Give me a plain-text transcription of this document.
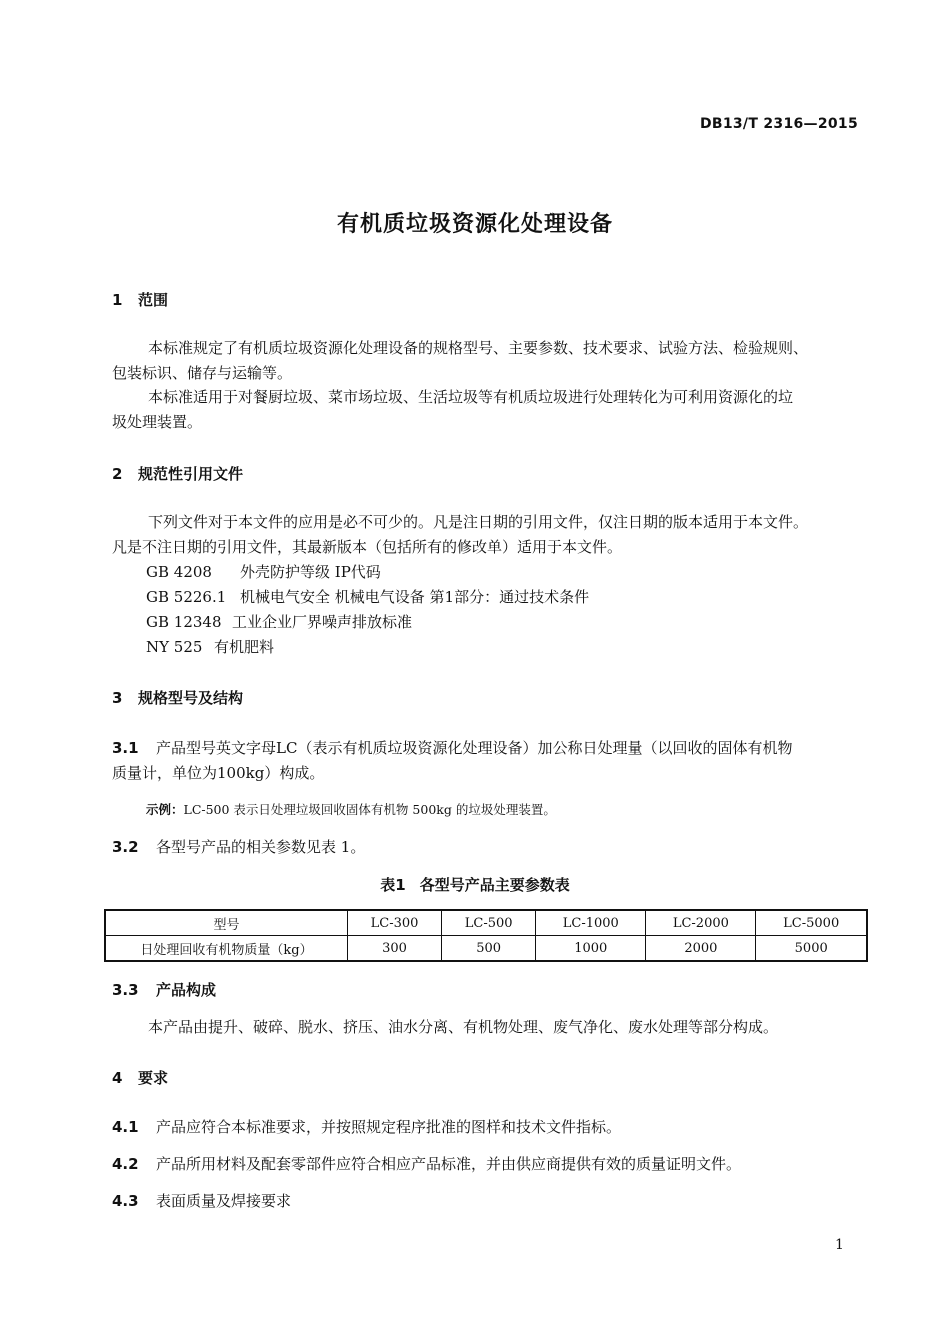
DB13/T 2316—2015
有机质垃圾资源化处理设备
1 范围
本标准规定了有机质垃圾资源化处理设备的规格型号、主要参数、技术要求、试验方法、检验规则、
包装标识、储存与运输等。
本标准适用于对餐厨垃圾、菜市场垃圾、生活垃圾等有机质垃圾进行处理转化为可利用资源化的垃
圾处理装置。
2 规范性引用文件
下列文件对于本文件的应用是必不可少的。凡是注日期的引用文件，仅注日期的版本适用于本文件。
凡是不注日期的引用文件，其最新版本（包括所有的修改单）适用于本文件。
GB 4208 外壳防护等级 IP代码
GB 5226.1 机械电气安全 机械电气设备 第1部分：通过技术条件
GB 12348 工业企业厂界噪声排放标准
NY 525 有机肥料
3 规格型号及结构
3.1 产品型号英文字母LC（表示有机质垃圾资源化处理设备）加公称日处理量（以回收的固体有机物
质量计，单位为100kg）构成。
示例：LC-500 表示日处理垃圾回收固体有机物 500kg 的垃圾处理装置。
3.2 各型号产品的相关参数见表 1。
表1 各型号产品主要参数表
型号	LC-300	LC-500	LC-1000	LC-2000	LC-5000
日处理回收有机物质量（kg）	300	500	1000	2000	5000
3.3 产品构成
本产品由提升、破碎、脱水、挤压、油水分离、有机物处理、废气净化、废水处理等部分构成。
4 要求
4.1 产品应符合本标准要求，并按照规定程序批准的图样和技术文件指标。
4.2 产品所用材料及配套零部件应符合相应产品标准，并由供应商提供有效的质量证明文件。
4.3 表面质量及焊接要求
1
